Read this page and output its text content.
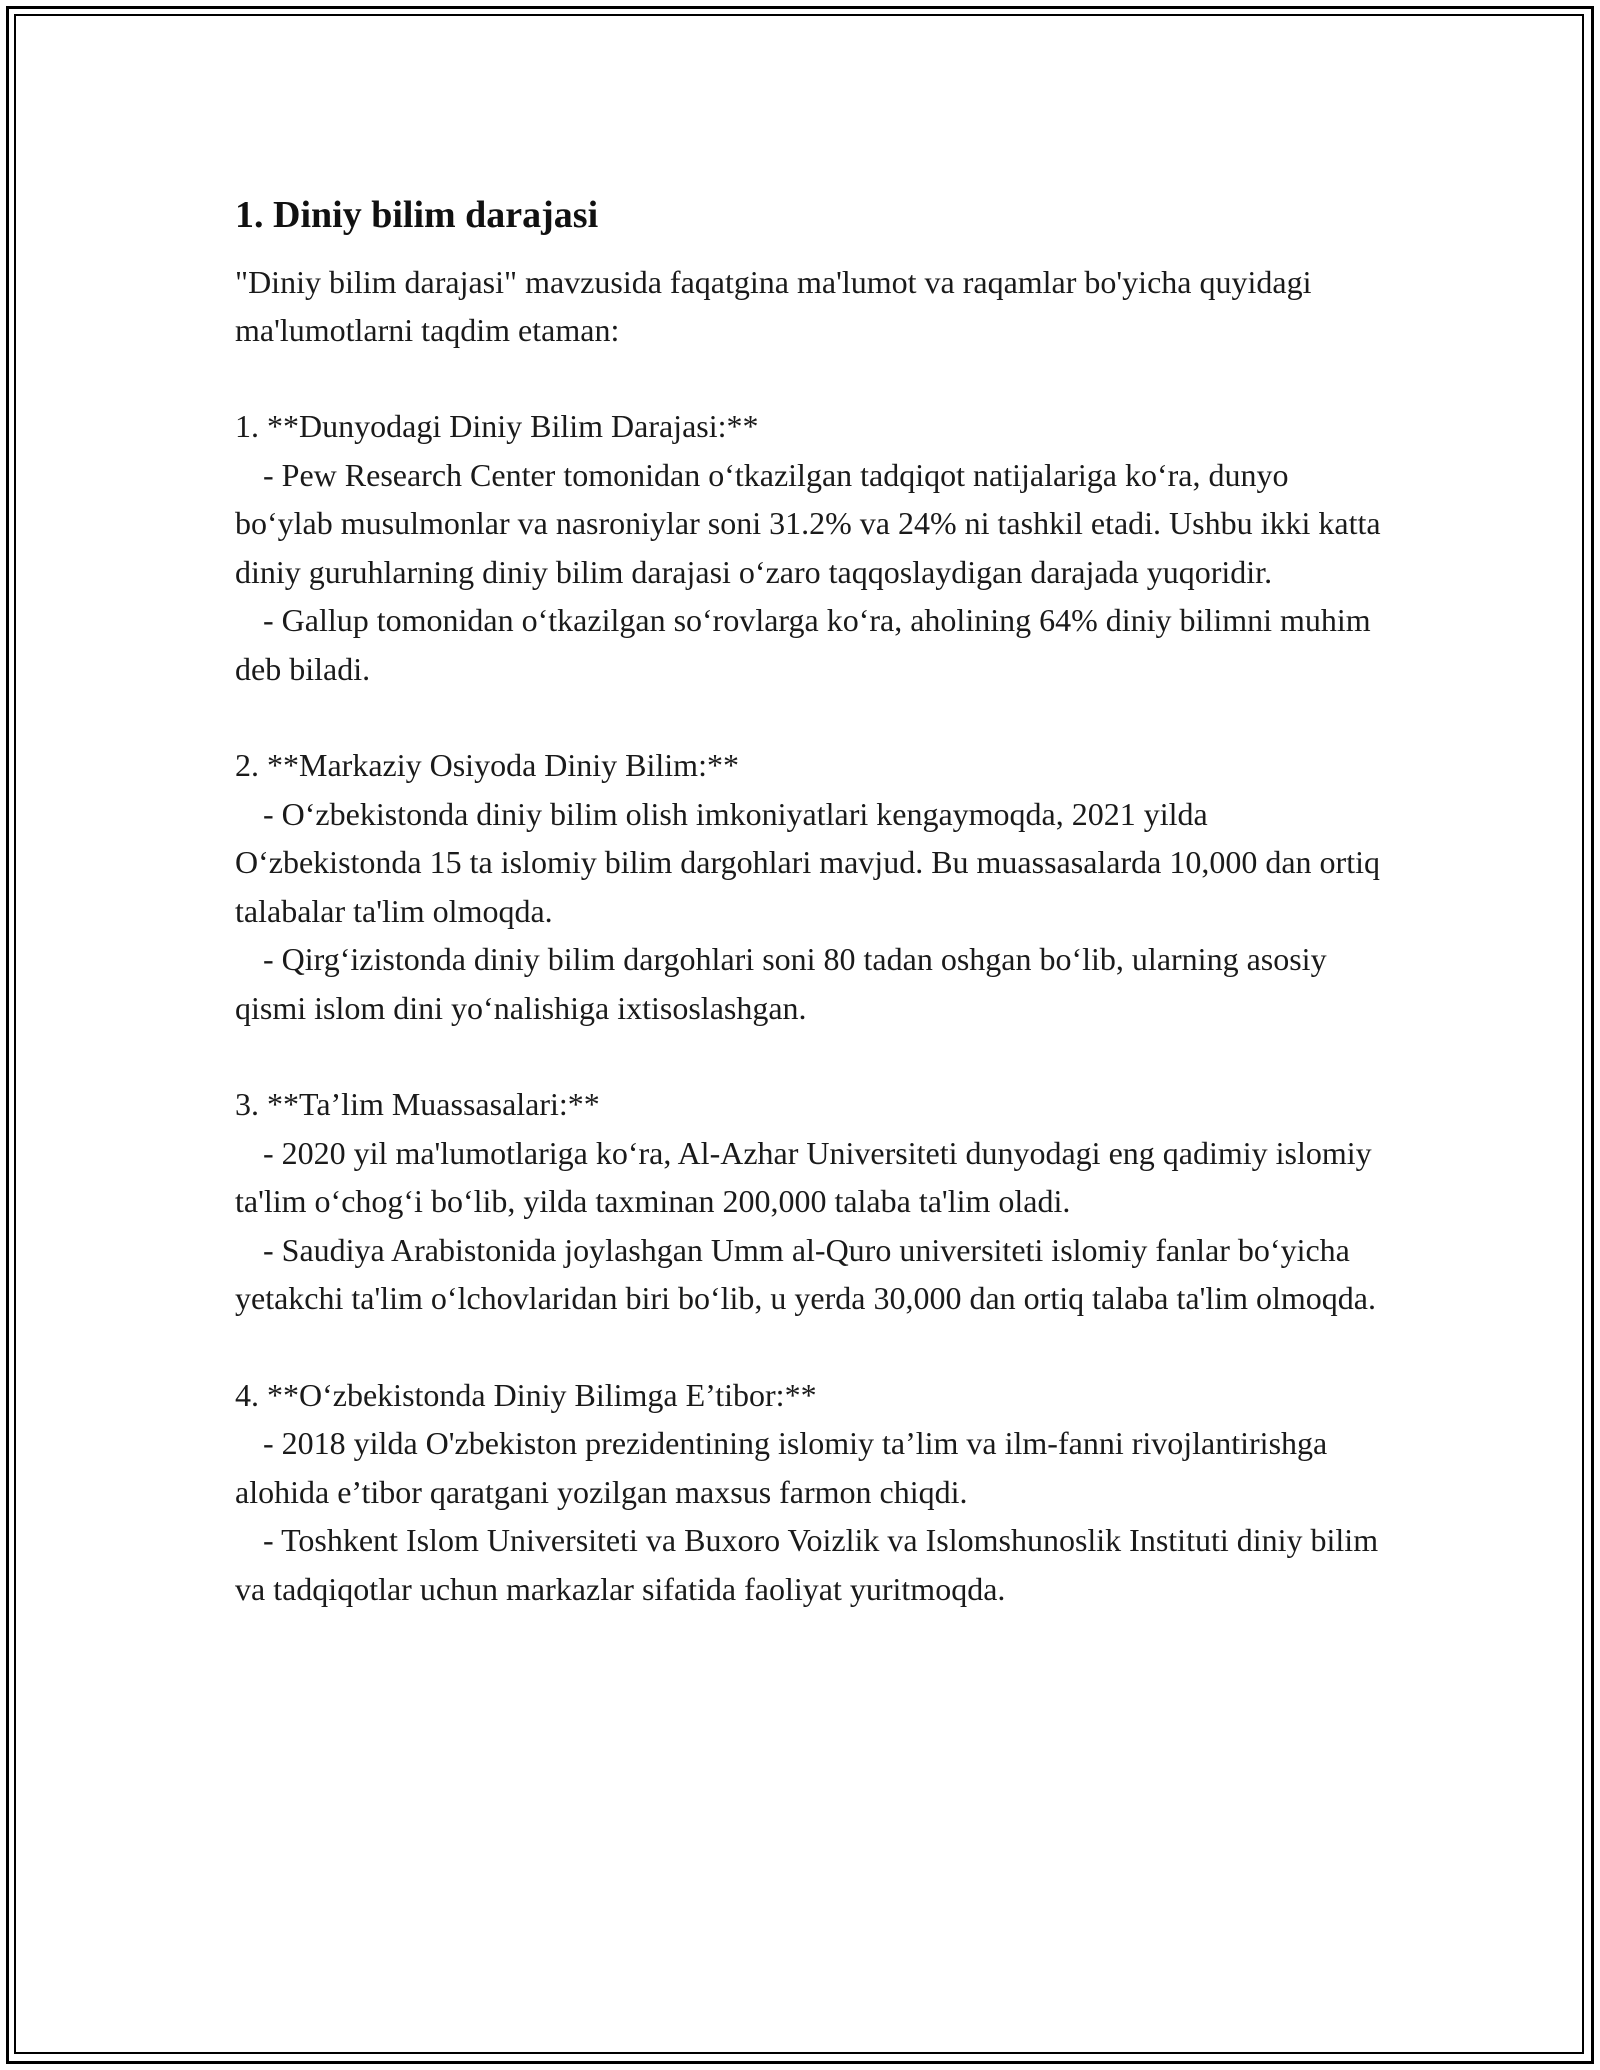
1. Diniy bilim darajasi

"Diniy bilim darajasi" mavzusida faqatgina ma'lumot va raqamlar bo'yicha quyidagi ma'lumotlarni taqdim etaman:

1. **Dunyodagi Diniy Bilim Darajasi:**
- Pew Research Center tomonidan o‘tkazilgan tadqiqot natijalariga ko‘ra, dunyo bo‘ylab musulmonlar va nasroniylar soni 31.2% va 24% ni tashkil etadi. Ushbu ikki katta diniy guruhlarning diniy bilim darajasi o‘zaro taqqoslaydigan darajada yuqoridir.
- Gallup tomonidan o‘tkazilgan so‘rovlarga ko‘ra, aholining 64% diniy bilimni muhim deb biladi.
2. **Markaziy Osiyoda Diniy Bilim:**
- O‘zbekistonda diniy bilim olish imkoniyatlari kengaymoqda, 2021 yilda O‘zbekistonda 15 ta islomiy bilim dargohlari mavjud. Bu muassasalarda 10,000 dan ortiq talabalar ta'lim olmoqda.
- Qirg‘izistonda diniy bilim dargohlari soni 80 tadan oshgan bo‘lib, ularning asosiy qismi islom dini yo‘nalishiga ixtisoslashgan.
3. **Ta’lim Muassasalari:**
- 2020 yil ma'lumotlariga ko‘ra, Al-Azhar Universiteti dunyodagi eng qadimiy islomiy ta'lim o‘chog‘i bo‘lib, yilda taxminan 200,000 talaba ta'lim oladi.
- Saudiya Arabistonida joylashgan Umm al-Quro universiteti islomiy fanlar bo‘yicha yetakchi ta'lim o‘lchovlaridan biri bo‘lib, u yerda 30,000 dan ortiq talaba ta'lim olmoqda.
4. **O‘zbekistonda Diniy Bilimga E’tibor:**
- 2018 yilda O'zbekiston prezidentining islomiy ta’lim va ilm-fanni rivojlantirishga alohida e’tibor qaratgani yozilgan maxsus farmon chiqdi.
- Toshkent Islom Universiteti va Buxoro Voizlik va Islomshunoslik Instituti diniy bilim va tadqiqotlar uchun markazlar sifatida faoliyat yuritmoqda.
